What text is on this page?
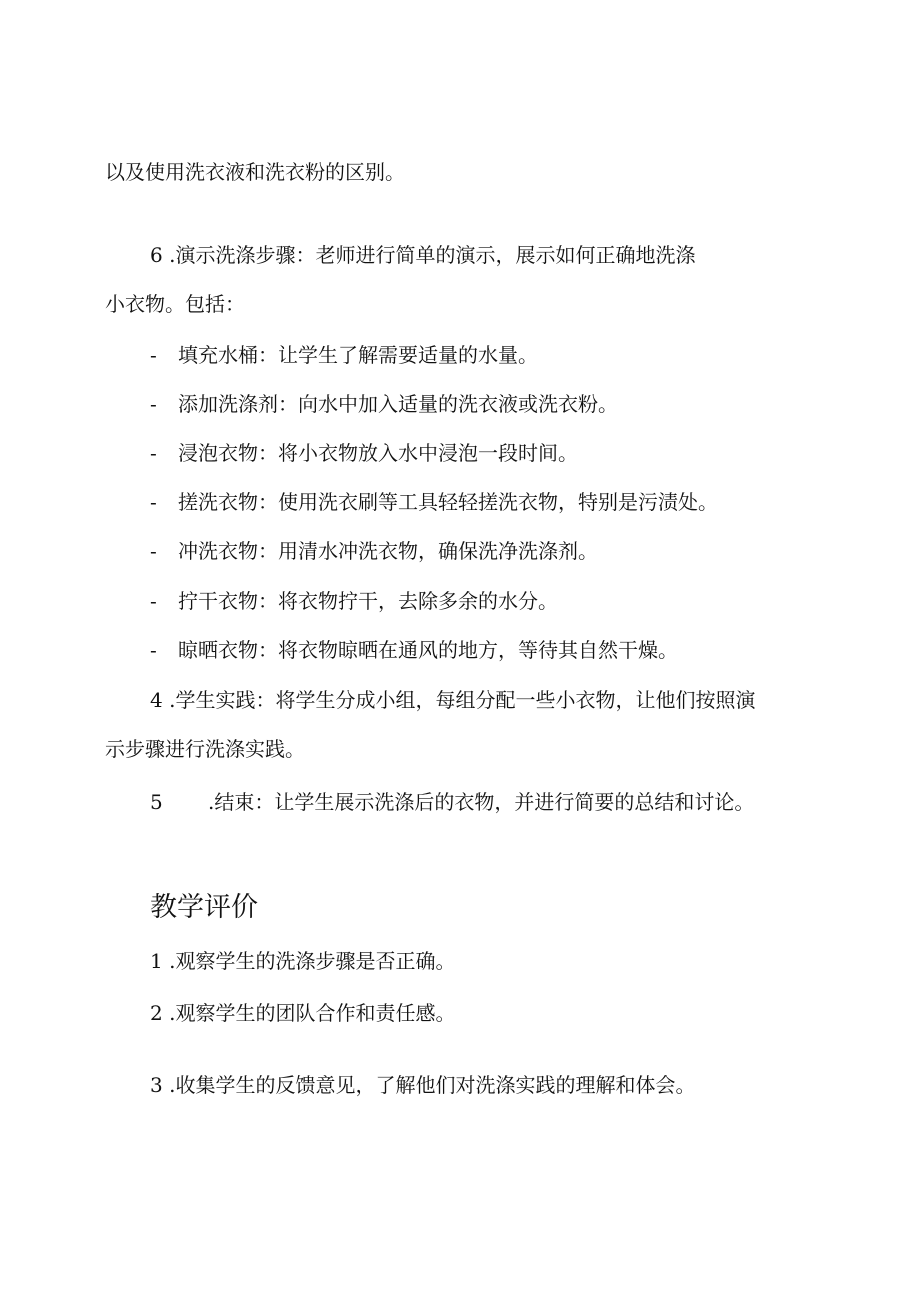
以及使用洗衣液和洗衣粉的区别。
6 .演示洗涤步骤：老师进行简单的演示，展示如何正确地洗涤
小衣物。包括：
- 填充水桶：让学生了解需要适量的水量。
- 添加洗涤剂：向水中加入适量的洗衣液或洗衣粉。
- 浸泡衣物：将小衣物放入水中浸泡一段时间。
- 搓洗衣物：使用洗衣刷等工具轻轻搓洗衣物，特别是污渍处。
- 冲洗衣物：用清水冲洗衣物，确保洗净洗涤剂。
- 拧干衣物：将衣物拧干，去除多余的水分。
- 晾晒衣物：将衣物晾晒在通风的地方，等待其自然干燥。
4 .学生实践：将学生分成小组，每组分配一些小衣物，让他们按照演
示步骤进行洗涤实践。
5 .结束：让学生展示洗涤后的衣物，并进行简要的总结和讨论。
教学评价
1 .观察学生的洗涤步骤是否正确。
2 .观察学生的团队合作和责任感。
3 .收集学生的反馈意见，了解他们对洗涤实践的理解和体会。
